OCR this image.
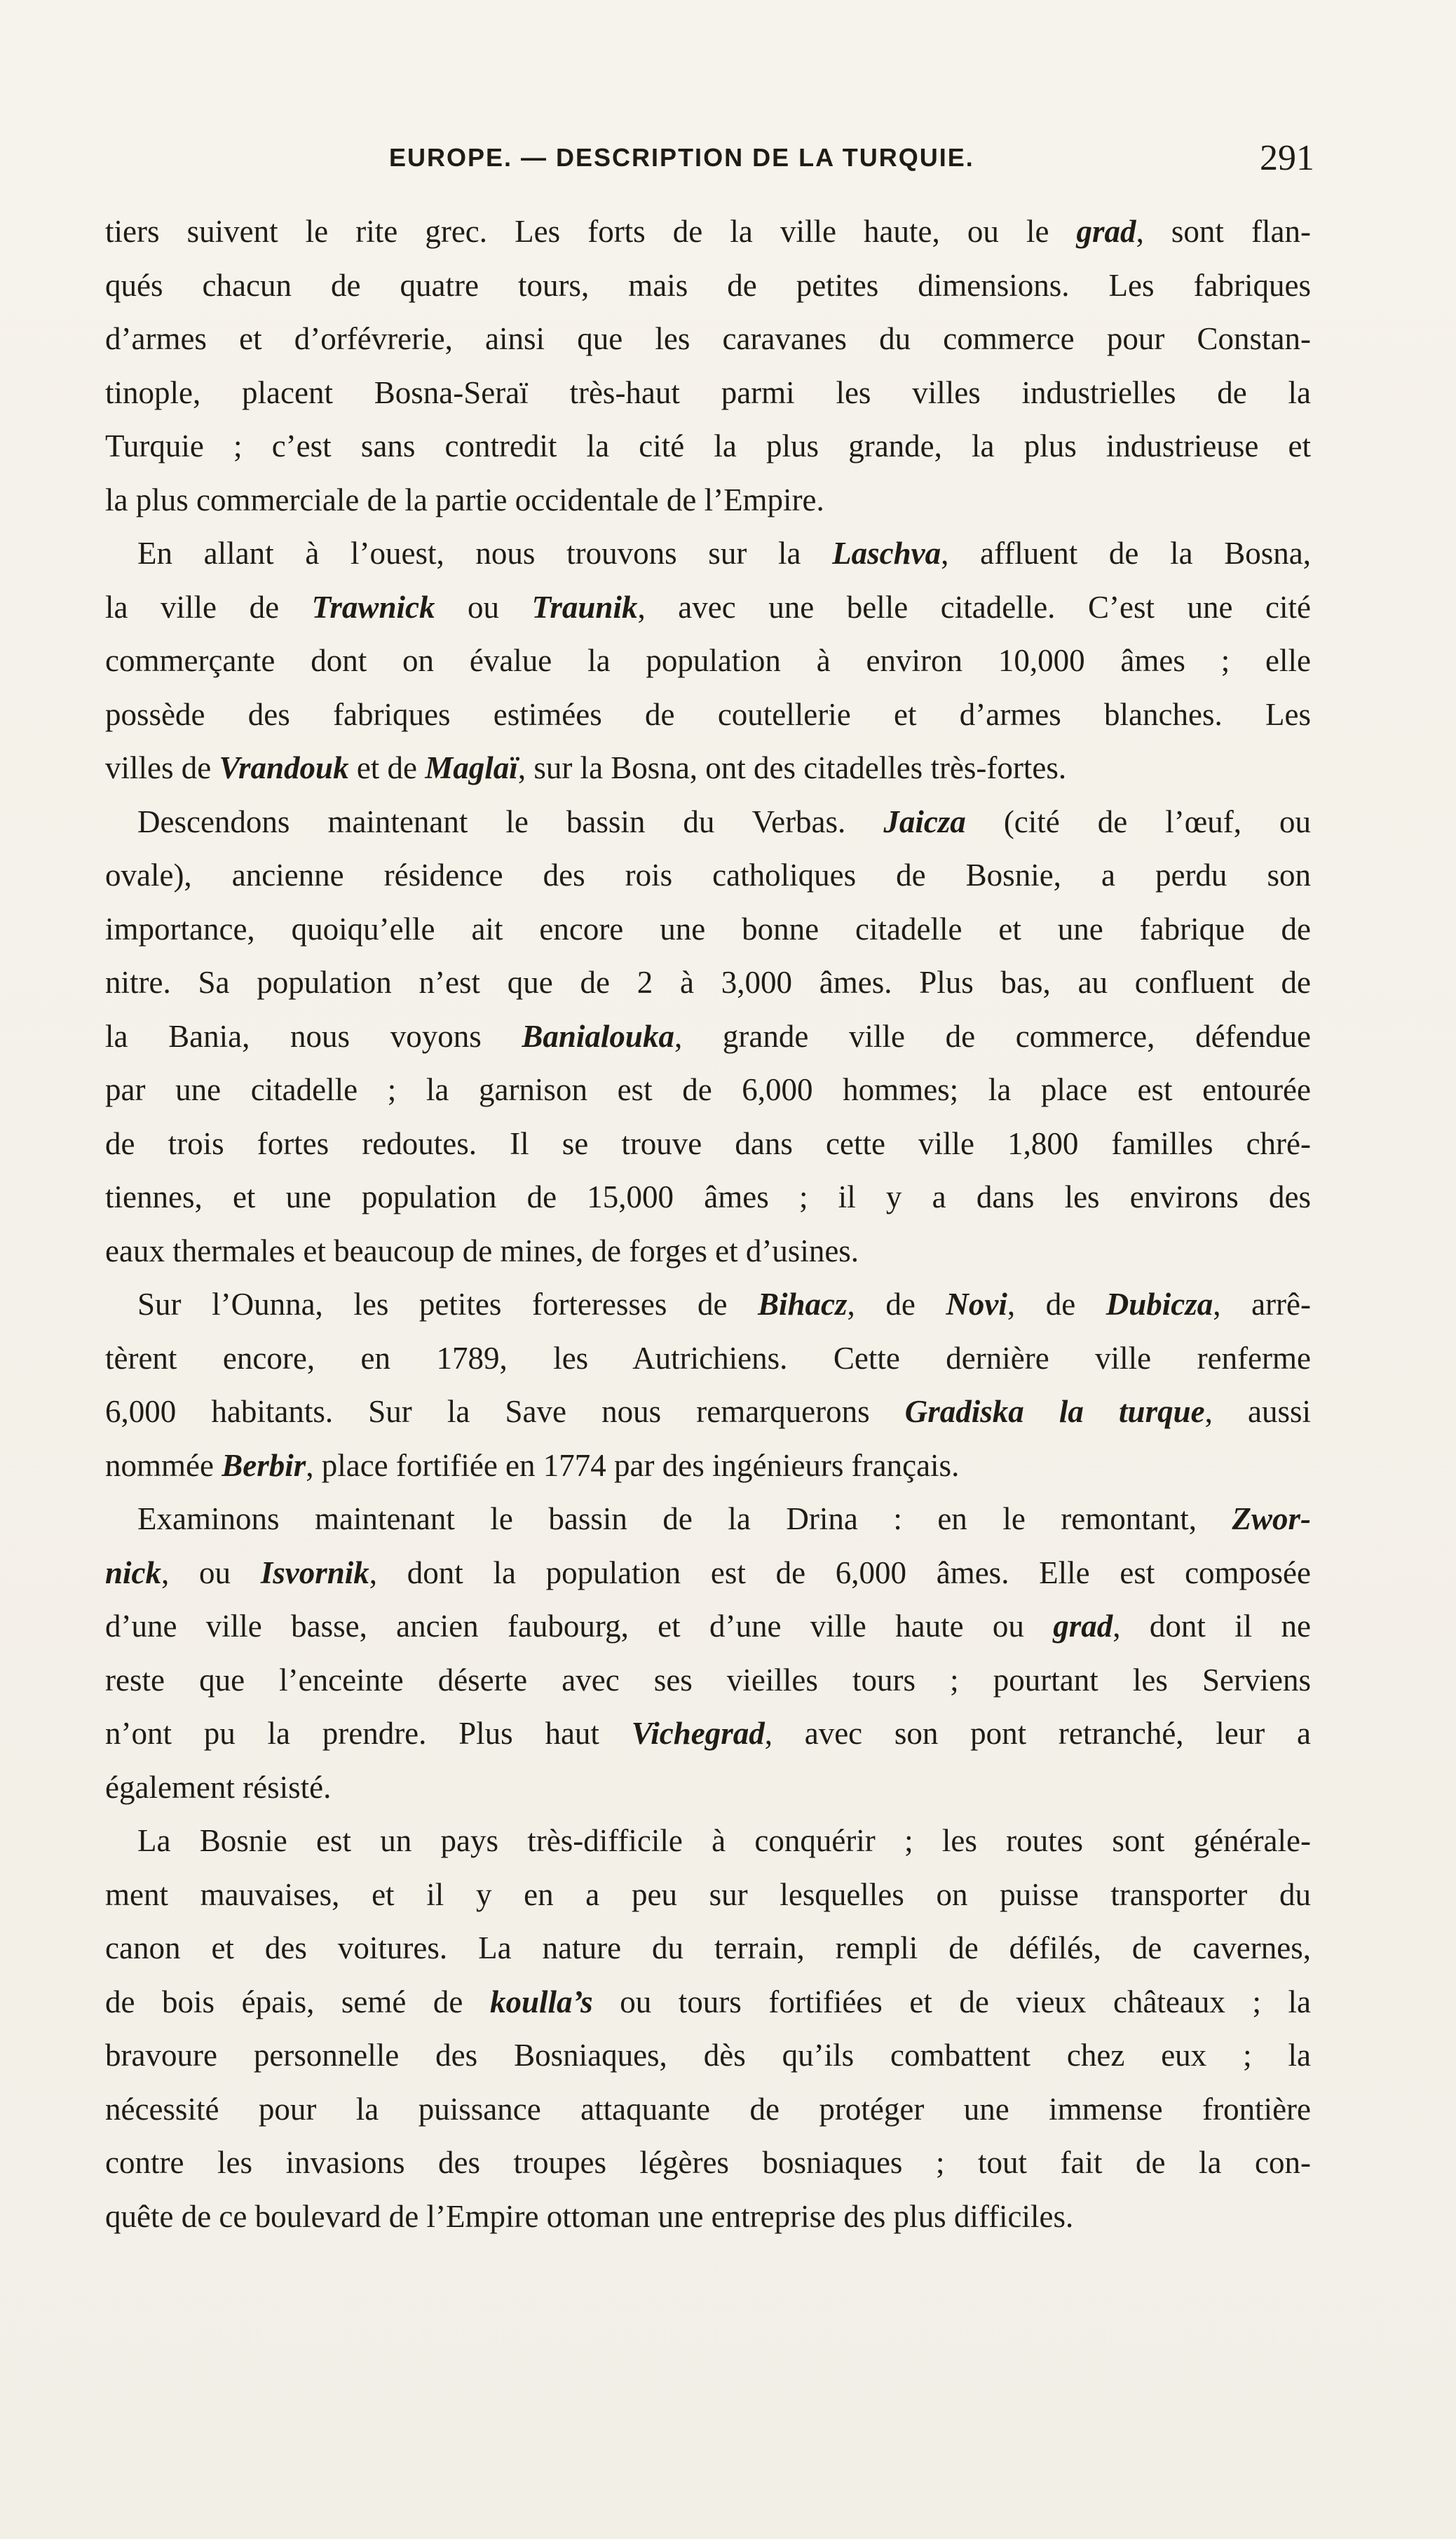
EUROPE. — DESCRIPTION DE LA TURQUIE.	291
tiers suivent le rite grec. Les forts de la ville haute, ou le grad, sont flan-
qués chacun de quatre tours, mais de petites dimensions. Les fabriques
d’armes et d’orfévrerie, ainsi que les caravanes du commerce pour Constan-
tinople, placent Bosna-Seraï très-haut parmi les villes industrielles de la
Turquie ; c’est sans contredit la cité la plus grande, la plus industrieuse et
la plus commerciale de la partie occidentale de l’Empire.
En allant à l’ouest, nous trouvons sur la Laschva, affluent de la Bosna,
la ville de Trawnick ou Traunik, avec une belle citadelle. C’est une cité
commerçante dont on évalue la population à environ 10,000 âmes ; elle
possède des fabriques estimées de coutellerie et d’armes blanches. Les
villes de Vrandouk et de Maglaï, sur la Bosna, ont des citadelles très-fortes.
Descendons maintenant le bassin du Verbas. Jaicza (cité de l’œuf, ou
ovale), ancienne résidence des rois catholiques de Bosnie, a perdu son
importance, quoiqu’elle ait encore une bonne citadelle et une fabrique de
nitre. Sa population n’est que de 2 à 3,000 âmes. Plus bas, au confluent de
la Bania, nous voyons Banialouka, grande ville de commerce, défendue
par une citadelle ; la garnison est de 6,000 hommes; la place est entourée
de trois fortes redoutes. Il se trouve dans cette ville 1,800 familles chré-
tiennes, et une population de 15,000 âmes ; il y a dans les environs des
eaux thermales et beaucoup de mines, de forges et d’usines.
Sur l’Ounna, les petites forteresses de Bihacz, de Novi, de Dubicza, arrê-
tèrent encore, en 1789, les Autrichiens. Cette dernière ville renferme
6,000 habitants. Sur la Save nous remarquerons Gradiska la turque, aussi
nommée Berbir, place fortifiée en 1774 par des ingénieurs français.
Examinons maintenant le bassin de la Drina : en le remontant, Zwor-
nick, ou Isvornik, dont la population est de 6,000 âmes. Elle est composée
d’une ville basse, ancien faubourg, et d’une ville haute ou grad, dont il ne
reste que l’enceinte déserte avec ses vieilles tours ; pourtant les Serviens
n’ont pu la prendre. Plus haut Vichegrad, avec son pont retranché, leur a
également résisté.
La Bosnie est un pays très-difficile à conquérir ; les routes sont générale-
ment mauvaises, et il y en a peu sur lesquelles on puisse transporter du
canon et des voitures. La nature du terrain, rempli de défilés, de cavernes,
de bois épais, semé de koulla’s ou tours fortifiées et de vieux châteaux ; la
bravoure personnelle des Bosniaques, dès qu’ils combattent chez eux ; la
nécessité pour la puissance attaquante de protéger une immense frontière
contre les invasions des troupes légères bosniaques ; tout fait de la con-
quête de ce boulevard de l’Empire ottoman une entreprise des plus difficiles.
